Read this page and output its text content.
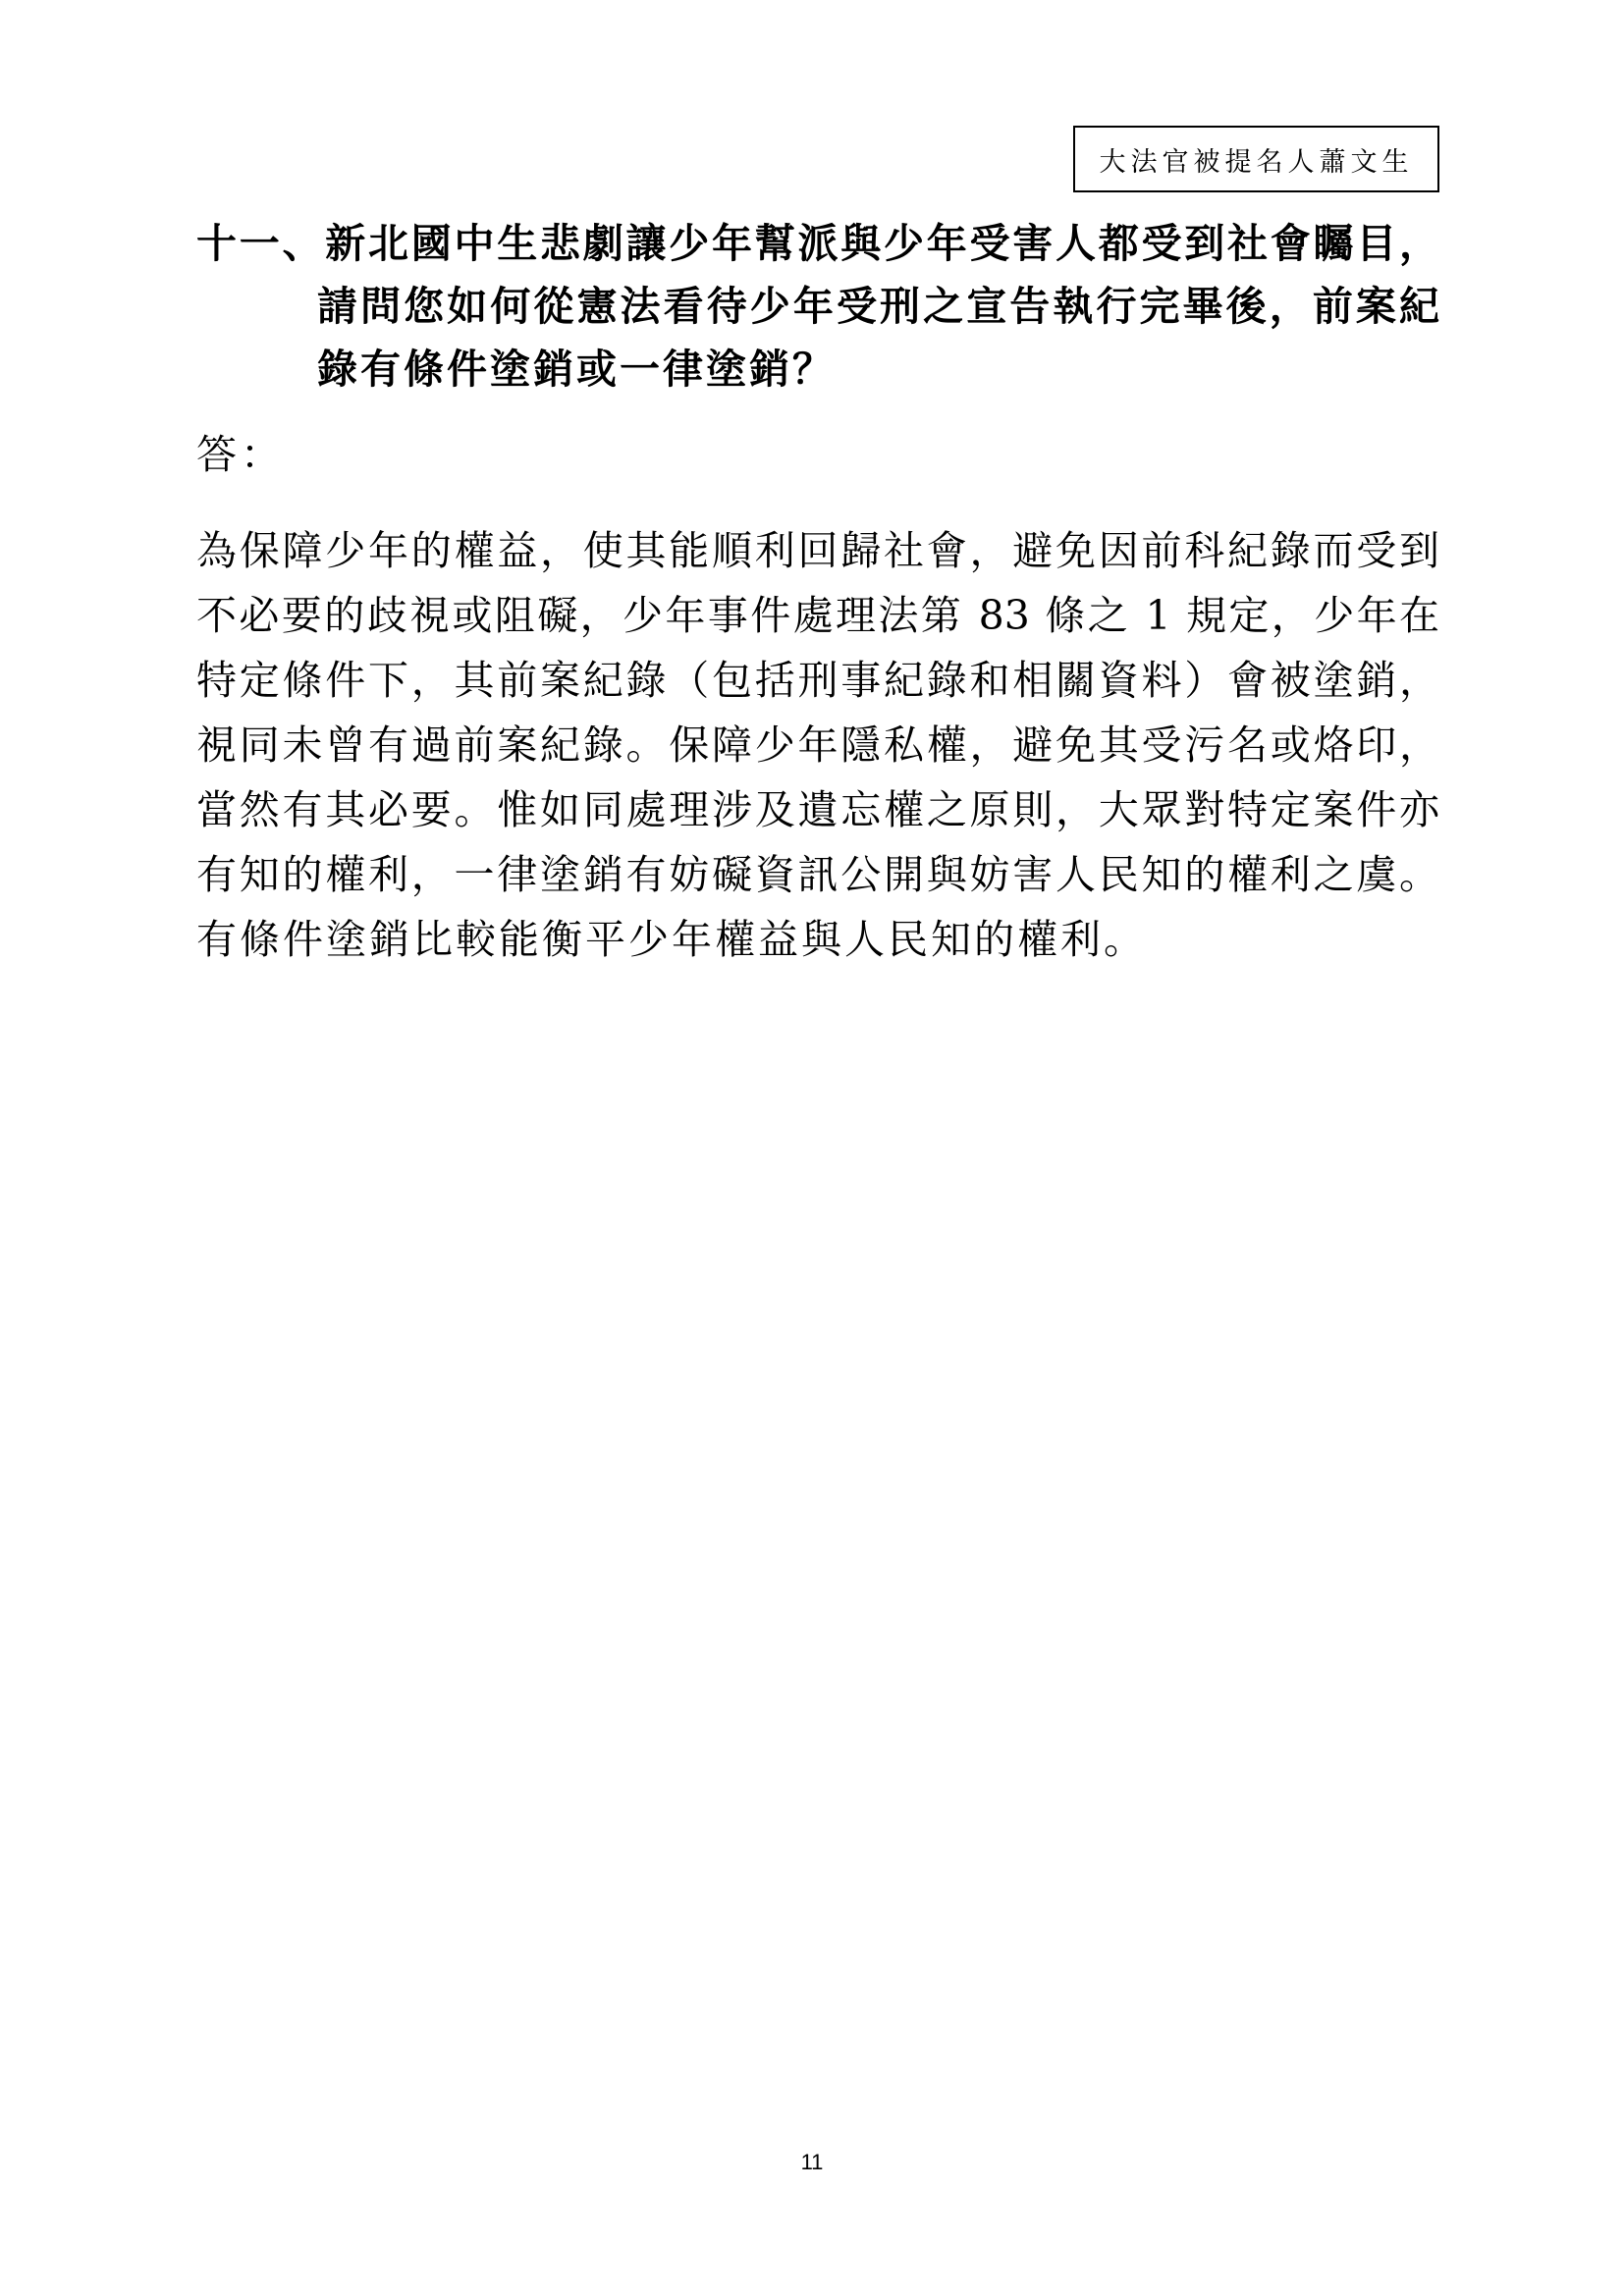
大法官被提名人蕭文生
十一、新北國中生悲劇讓少年幫派與少年受害人都受到社會矚目，
請問您如何從憲法看待少年受刑之宣告執行完畢後，前案紀
錄有條件塗銷或一律塗銷？
答：
為保障少年的權益，使其能順利回歸社會，避免因前科紀錄而受到
不必要的歧視或阻礙，少年事件處理法第 83 條之 1 規定，少年在
特定條件下，其前案紀錄（包括刑事紀錄和相關資料）會被塗銷，
視同未曾有過前案紀錄。保障少年隱私權，避免其受污名或烙印，
當然有其必要。惟如同處理涉及遺忘權之原則，大眾對特定案件亦
有知的權利，一律塗銷有妨礙資訊公開與妨害人民知的權利之虞。
有條件塗銷比較能衡平少年權益與人民知的權利。
11
